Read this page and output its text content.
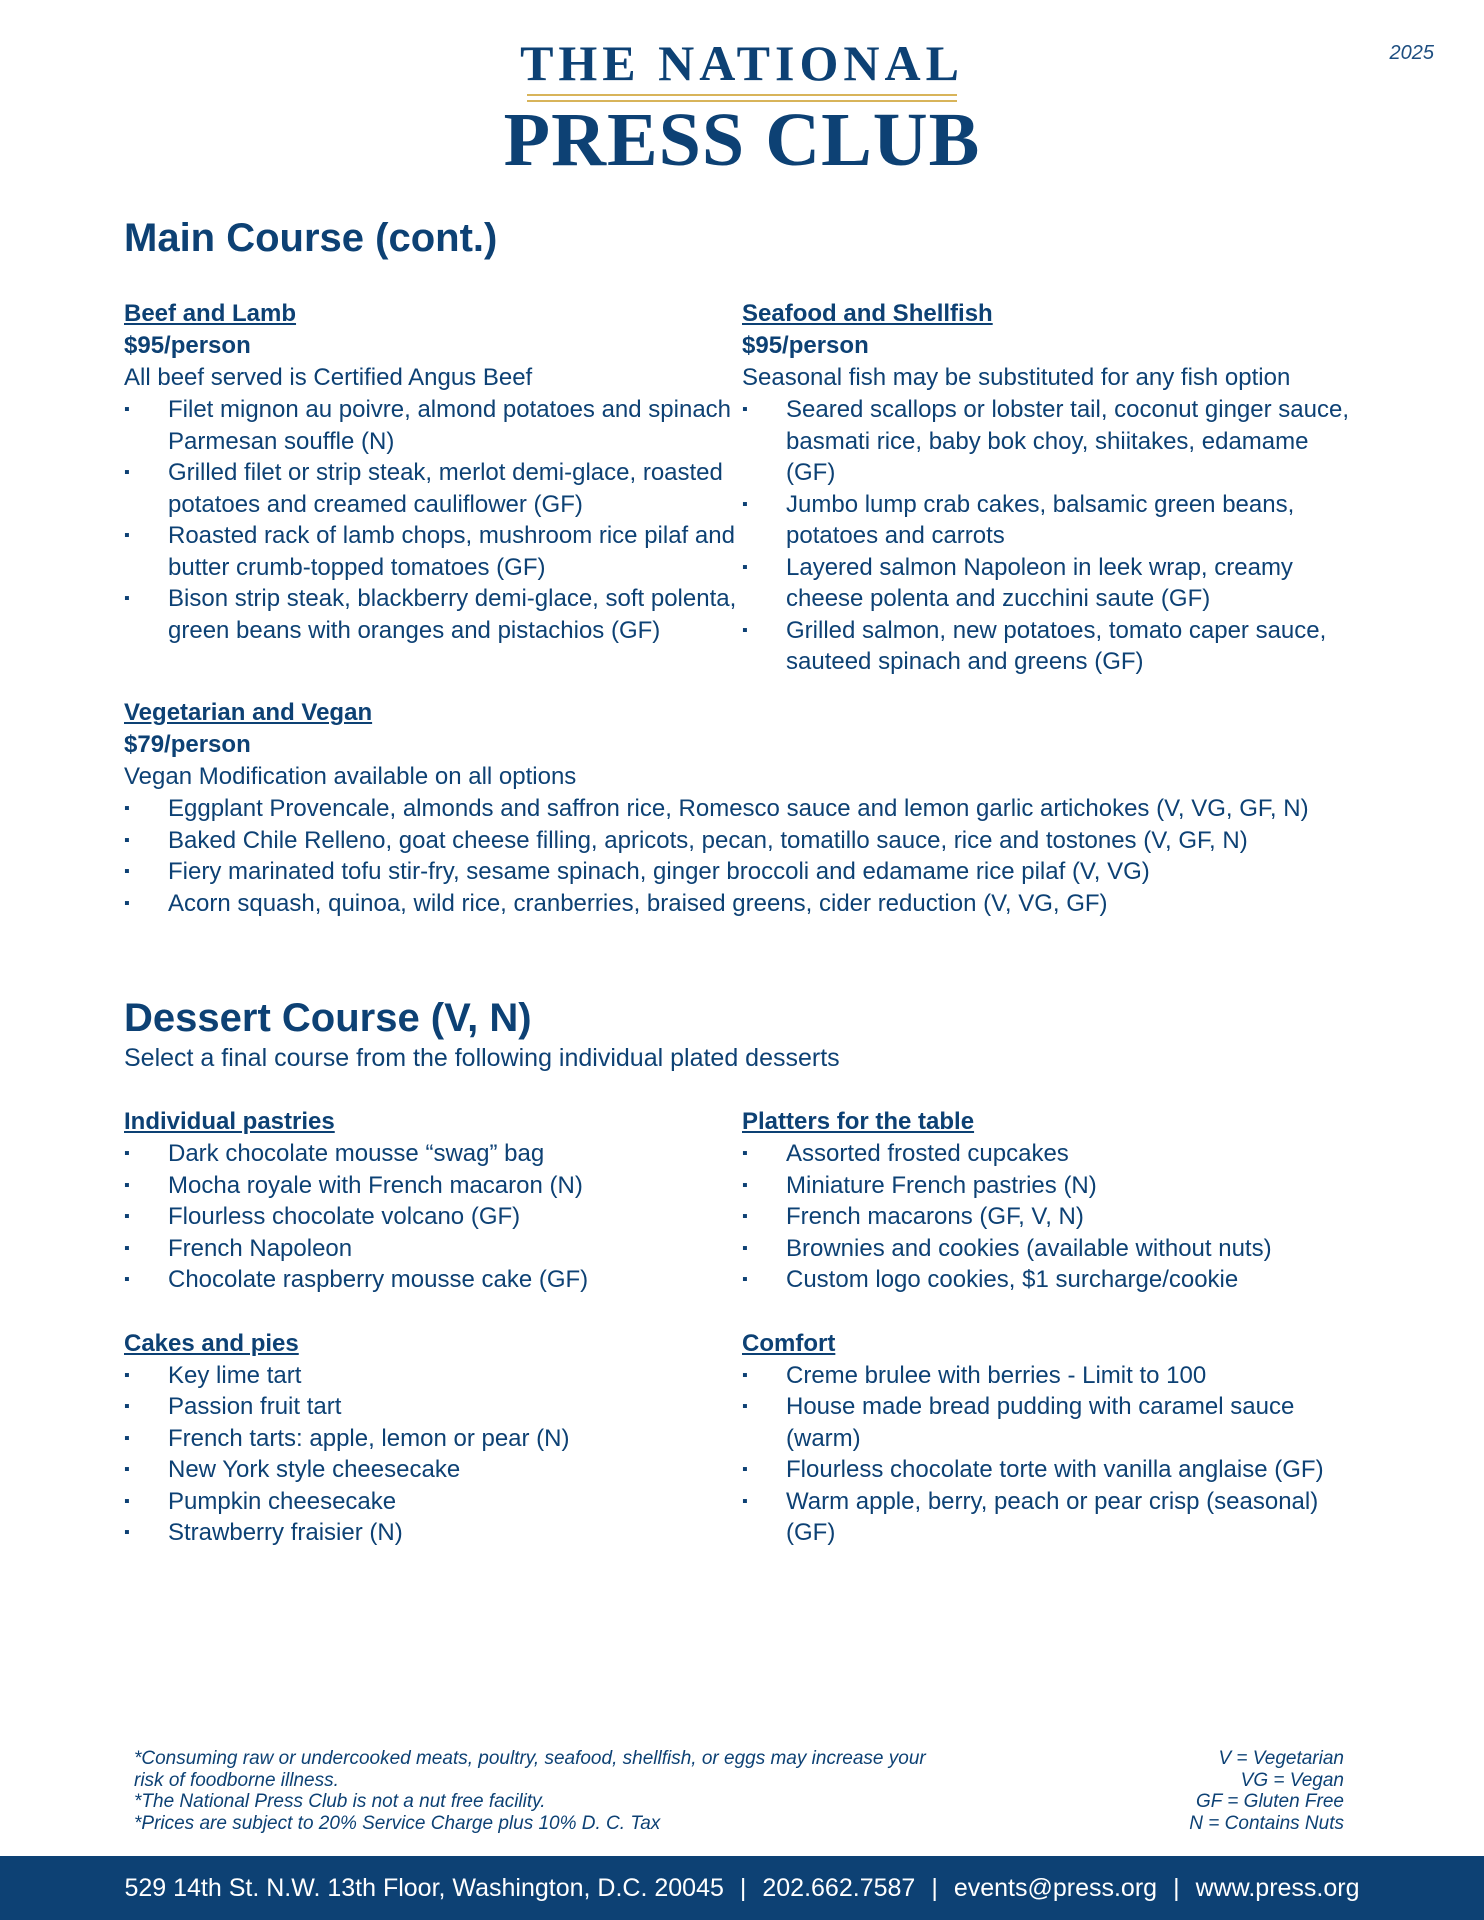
2025
THE NATIONAL
PRESS CLUB
Main Course (cont.)
Beef and Lamb
$95/person
All beef served is Certified Angus Beef
▪ Filet mignon au poivre, almond potatoes and spinach Parmesan souffle (N)
▪ Grilled filet or strip steak, merlot demi-glace, roasted potatoes and creamed cauliflower (GF)
▪ Roasted rack of lamb chops, mushroom rice pilaf and butter crumb-topped tomatoes (GF)
▪ Bison strip steak, blackberry demi-glace, soft polenta, green beans with oranges and pistachios (GF)
Seafood and Shellfish
$95/person
Seasonal fish may be substituted for any fish option
▪ Seared scallops or lobster tail, coconut ginger sauce, basmati rice, baby bok choy, shiitakes, edamame (GF)
▪ Jumbo lump crab cakes, balsamic green beans, potatoes and carrots
▪ Layered salmon Napoleon in leek wrap, creamy cheese polenta and zucchini saute (GF)
▪ Grilled salmon, new potatoes, tomato caper sauce, sauteed spinach and greens (GF)
Vegetarian and Vegan
$79/person
Vegan Modification available on all options
▪ Eggplant Provencale, almonds and saffron rice, Romesco sauce and lemon garlic artichokes (V, VG, GF, N)
▪ Baked Chile Relleno, goat cheese filling, apricots, pecan, tomatillo sauce, rice and tostones (V, GF, N)
▪ Fiery marinated tofu stir-fry, sesame spinach, ginger broccoli and edamame rice pilaf (V, VG)
▪ Acorn squash, quinoa, wild rice, cranberries, braised greens, cider reduction (V, VG, GF)
Dessert Course (V, N)
Select a final course from the following individual plated desserts
Individual pastries
▪ Dark chocolate mousse “swag” bag
▪ Mocha royale with French macaron (N)
▪ Flourless chocolate volcano (GF)
▪ French Napoleon
▪ Chocolate raspberry mousse cake (GF)
Platters for the table
▪ Assorted frosted cupcakes
▪ Miniature French pastries (N)
▪ French macarons (GF, V, N)
▪ Brownies and cookies (available without nuts)
▪ Custom logo cookies, $1 surcharge/cookie
Cakes and pies
▪ Key lime tart
▪ Passion fruit tart
▪ French tarts: apple, lemon or pear (N)
▪ New York style cheesecake
▪ Pumpkin cheesecake
▪ Strawberry fraisier (N)
Comfort
▪ Creme brulee with berries - Limit to 100
▪ House made bread pudding with caramel sauce (warm)
▪ Flourless chocolate torte with vanilla anglaise (GF)
▪ Warm apple, berry, peach or pear crisp (seasonal) (GF)
*Consuming raw or undercooked meats, poultry, seafood, shellfish, or eggs may increase your risk of foodborne illness.
*The National Press Club is not a nut free facility.
*Prices are subject to 20% Service Charge plus 10% D. C. Tax
V = Vegetarian
VG = Vegan
GF = Gluten Free
N = Contains Nuts
529 14th St. N.W. 13th Floor, Washington, D.C. 20045 | 202.662.7587 | events@press.org | www.press.org
